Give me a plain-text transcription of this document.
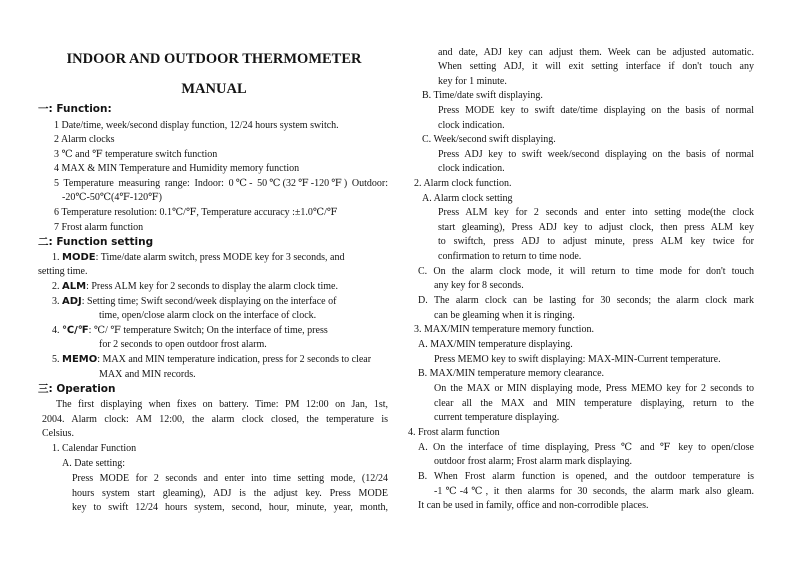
INDOOR AND OUTDOOR THERMOMETER
MANUAL
一: Function:
1 Date/time, week/second display function, 12/24 hours system switch.
2 Alarm clocks
3 ℃ and ℉ temperature switch function
4 MAX & MIN Temperature and Humidity memory function
5 Temperature measuring range: Indoor: 0℃- 50℃(32℉-120℉) Outdoor:
-20℃-50℃(4℉-120℉)
6 Temperature resolution: 0.1℃/℉, Temperature accuracy :±1.0℃/℉
7 Frost alarm function
二: Function setting
1. MODE: Time/date alarm switch, press MODE key for 3 seconds, and
setting time.
2. ALM: Press ALM key for 2 seconds to display the alarm clock time.
3. ADJ: Setting time; Swift second/week displaying on the interface of
time, open/close alarm clock on the interface of clock.
4. ℃/℉: ℃/ ℉ temperature Switch; On the interface of time, press
for 2 seconds to open outdoor frost alarm.
5. MEMO: MAX and MIN temperature indication, press for 2 seconds to clear
MAX and MIN records.
三: Operation
The first displaying when fixes on battery. Time: PM 12:00 on Jan, 1st,
2004. Alarm clock: AM 12:00, the alarm clock closed, the temperature is
Celsius.
1. Calendar Function
A. Date setting:
Press MODE for 2 seconds and enter into time setting mode, (12/24
hours system start gleaming), ADJ is the adjust key. Press MODE
key to swift 12/24 hours system, second, hour, minute, year, month,
and date, ADJ key can adjust them. Week can be adjusted automatic.
When setting ADJ, it will exit setting interface if don't touch any
key for 1 minute.
B. Time/date swift displaying.
Press MODE key to swift date/time displaying on the basis of normal
clock indication.
C. Week/second swift displaying.
Press ADJ key to swift week/second displaying on the basis of normal
clock indication.
2. Alarm clock function.
A. Alarm clock setting
Press ALM key for 2 seconds and enter into setting mode(the clock
start gleaming), Press ADJ key to adjust clock, then press ALM key
to swiftch, press ADJ to adjust minute, press ALM key twice for
confirmation to return to time node.
C. On the alarm clock mode, it will return to time mode for don't touch
any key for 8 seconds.
D. The alarm clock can be lasting for 30 seconds; the alarm clock mark
can be gleaming when it is ringing.
3. MAX/MIN temperature memory function.
A. MAX/MIN temperature displaying.
Press MEMO key to swift displaying: MAX-MIN-Current temperature.
B. MAX/MIN temperature memory clearance.
On the MAX or MIN displaying mode, Press MEMO key for 2 seconds to
clear all the MAX and MIN temperature displaying, return to the
current temperature displaying.
4. Frost alarm function
A. On the interface of time displaying, Press ℃ and ℉ key to open/close
outdoor frost alarm; Frost alarm mark displaying.
B. When Frost alarm function is opened, and the outdoor temperature is
-1℃-4℃, it then alarms for 30 seconds, the alarm mark also gleam.
It can be used in family, office and non-corrodible places.
